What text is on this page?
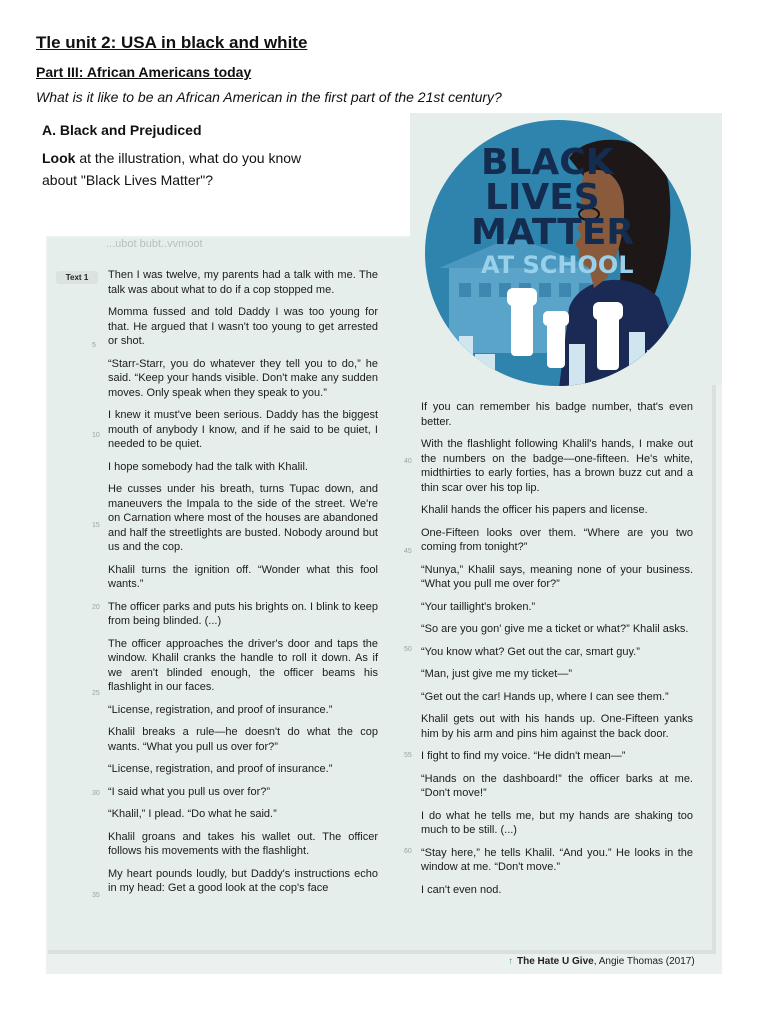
Tle unit 2: USA in black and white
Part III: African Americans today
What is it like to be an African American in the first part of the 21st century?
...ubot bubt..vvmoot
A. Black and Prejudiced
Look at the illustration, what do you know
about "Black Lives Matter"?	BLACK
LIVES
MATTER
AT SCHOOL
Text 1	Then I was twelve, my parents had a talk with me. The talk was about what to do if a cop stopped me.

Momma fussed and told Daddy I was too young for that. He argued that I wasn't too young to get arrested or shot.

“Starr-Starr, you do whatever they tell you to do,” he said. “Keep your hands visible. Don't make any sudden moves. Only speak when they speak to you.”

I knew it must've been serious. Daddy has the biggest mouth of anybody I know, and if he said to be quiet, I needed to be quiet.

I hope somebody had the talk with Khalil.

He cusses under his breath, turns Tupac down, and maneuvers the Impala to the side of the street. We're on Carnation where most of the houses are abandoned and half the streetlights are busted. Nobody around but us and the cop.

Khalil turns the ignition off. “Wonder what this fool wants.”

The officer parks and puts his brights on. I blink to keep from being blinded. (...)

The officer approaches the driver's door and taps the window. Khalil cranks the handle to roll it down. As if we aren't blinded enough, the officer beams his flashlight in our faces.

“License, registration, and proof of insurance.”

Khalil breaks a rule—he doesn't do what the cop wants. “What you pull us over for?”

“License, registration, and proof of insurance.”

“I said what you pull us over for?”

“Khalil,” I plead. “Do what he said.”

Khalil groans and takes his wallet out. The officer follows his movements with the flashlight.

My heart pounds loudly, but Daddy's instructions echo in my head: Get a good look at the cop's face

If you can remember his badge number, that's even better.

With the flashlight following Khalil's hands, I make out the numbers on the badge—one-fifteen. He's white, midthirties to early forties, has a brown buzz cut and a thin scar over his top lip.

Khalil hands the officer his papers and license.

One-Fifteen looks over them. “Where are you two coming from tonight?”

“Nunya,” Khalil says, meaning none of your business. “What you pull me over for?”

“Your taillight's broken.”

“So are you gon' give me a ticket or what?” Khalil asks.

“You know what? Get out the car, smart guy.”

“Man, just give me my ticket—”

“Get out the car! Hands up, where I can see them.”

Khalil gets out with his hands up. One-Fifteen yanks him by his arm and pins him against the back door.

I fight to find my voice. “He didn't mean—”

“Hands on the dashboard!” the officer barks at me. “Don't move!”

I do what he tells me, but my hands are shaking too much to be still. (...)

“Stay here,” he tells Khalil. “And you.” He looks in the window at me. “Don't move.”

I can't even nod.

5
10
15
20
25
30
35
40
45
50
55
60
↑ The Hate U Give, Angie Thomas (2017)
